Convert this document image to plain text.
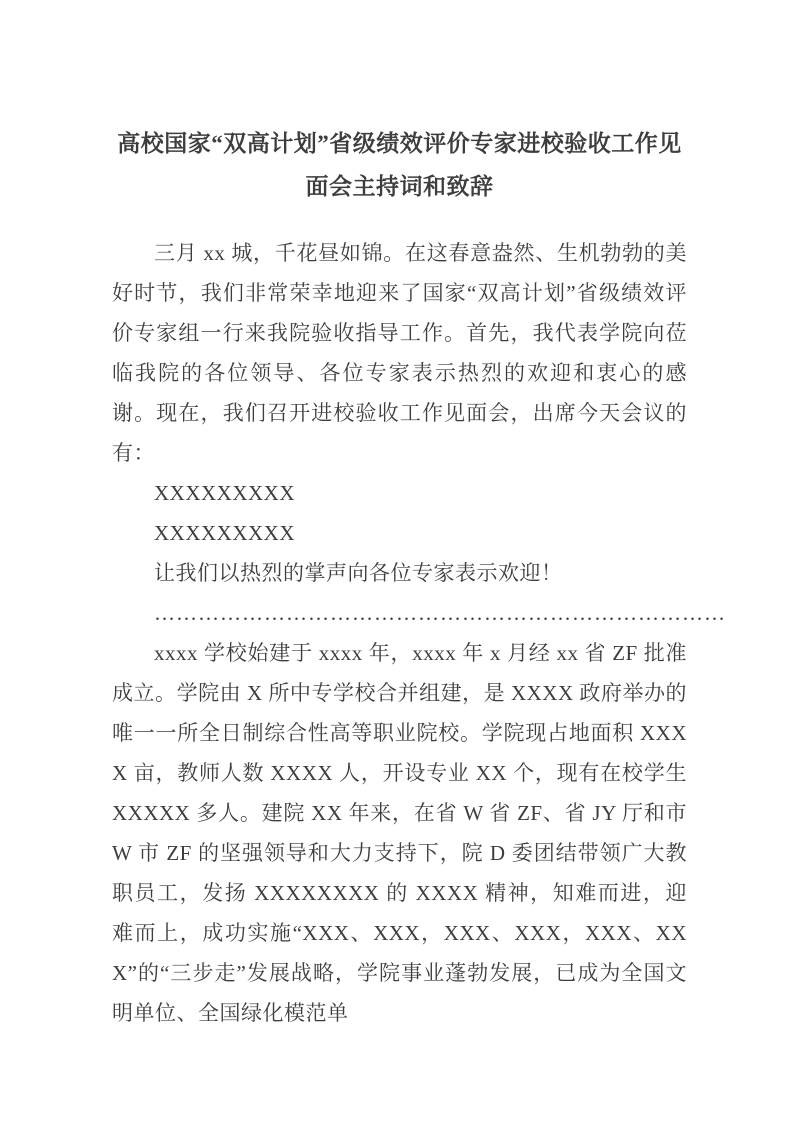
高校国家“双高计划”省级绩效评价专家进校验收工作见面会主持词和致辞

三月 xx 城，千花昼如锦。在这春意盎然、生机勃勃的美好时节，我们非常荣幸地迎来了国家“双高计划”省级绩效评价专家组一行来我院验收指导工作。首先，我代表学院向莅临我院的各位领导、各位专家表示热烈的欢迎和衷心的感谢。现在，我们召开进校验收工作见面会，出席今天会议的有：

XXXXXXXXX

XXXXXXXXX

让我们以热烈的掌声向各位专家表示欢迎！

……………………………………………………………………

xxxx 学校始建于 xxxx 年，xxxx 年 x 月经 xx 省 ZF 批准成立。学院由 X 所中专学校合并组建，是 XXXX 政府举办的唯一一所全日制综合性高等职业院校。学院现占地面积 XXXX 亩，教师人数 XXXX 人，开设专业 XX 个，现有在校学生 XXXXX 多人。建院 XX 年来，在省 W 省 ZF、省 JY 厅和市 W 市 ZF 的坚强领导和大力支持下，院 D 委团结带领广大教职员工，发扬 XXXXXXXX 的 XXXX 精神，知难而进，迎难而上，成功实施“XXX、XXX，XXX、XXX，XXX、XXX”的“三步走”发展战略，学院事业蓬勃发展，已成为全国文明单位、全国绿化模范单
